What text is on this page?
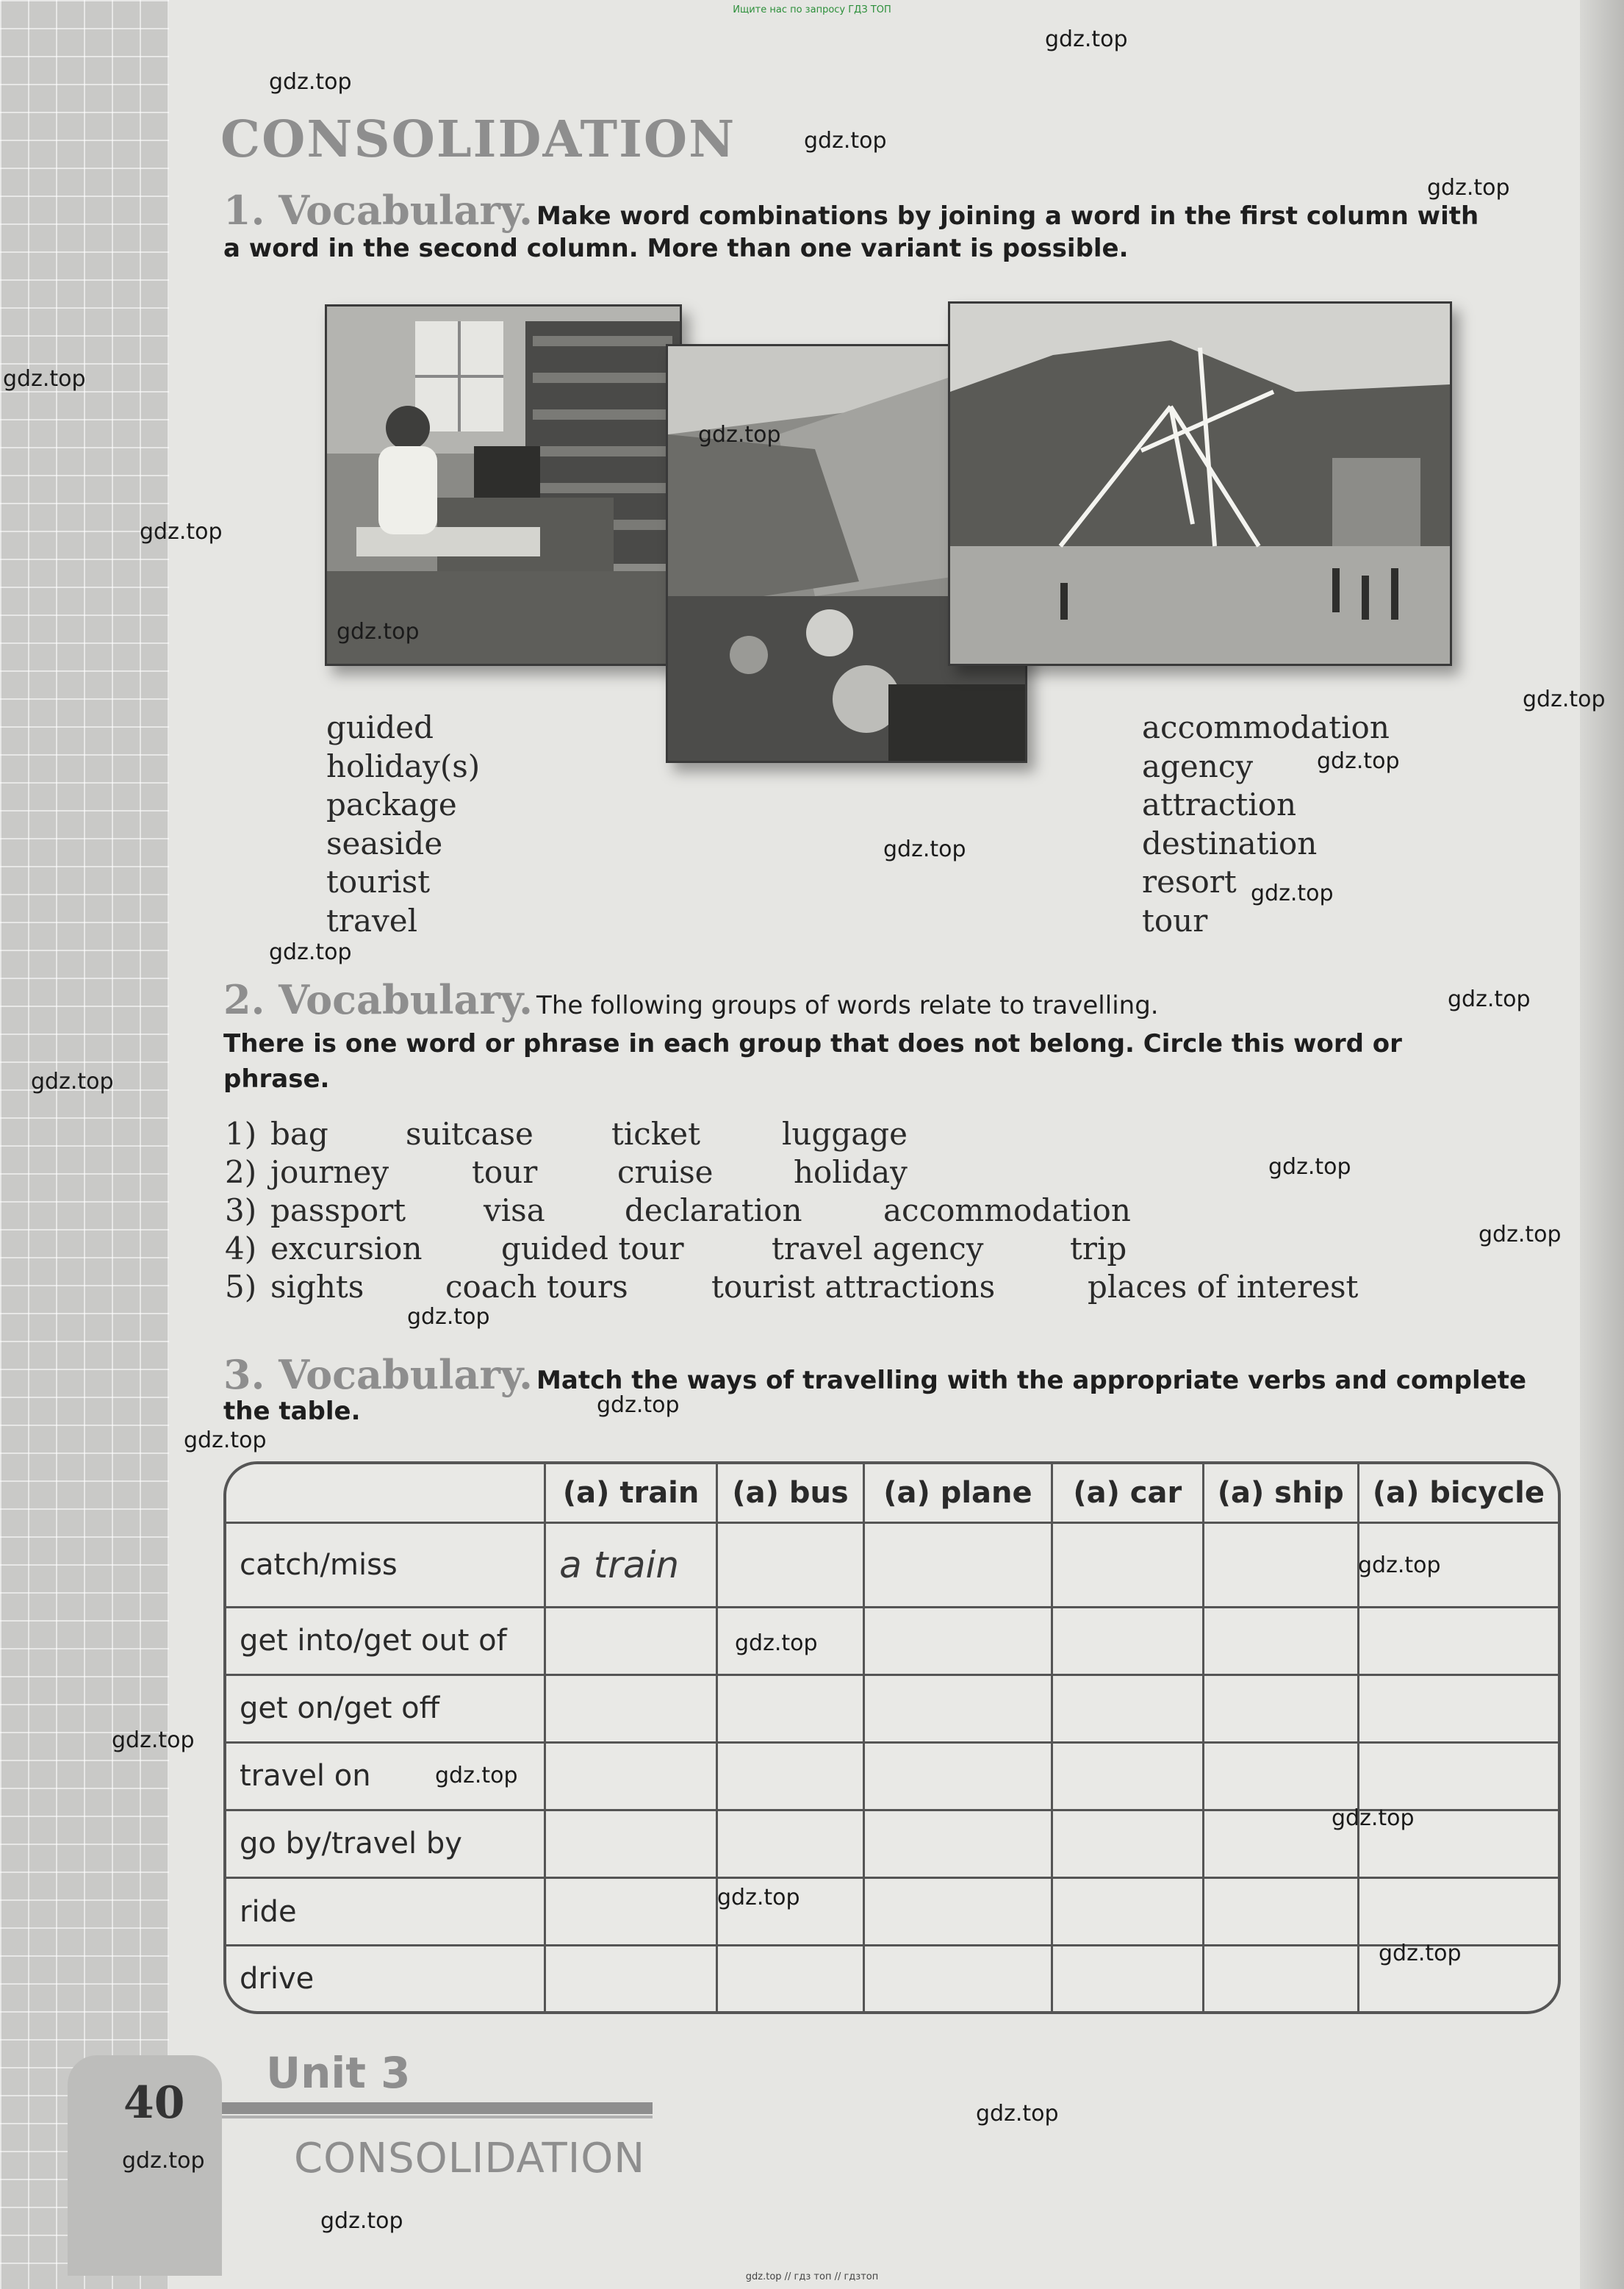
Ищите нас по запросу ГДЗ ТОП
CONSOLIDATION
1. Vocabulary. Make word combinations by joining a word in the first column with
a word in the second column. More than one variant is possible.
guided
holiday(s)
package
seaside
tourist
travel
accommodation
agency
attraction
destination
resort
tour
2. Vocabulary. The following groups of words relate to travelling.
There is one word or phrase in each group that does not belong. Circle this word or
phrase.
1) bag	suitcase	ticket	luggage
2) journey	tour	cruise	holiday
3) passport	visa	declaration	accommodation
4) excursion	guided tour	travel agency	trip
5) sights	coach tours	tourist attractions	places of interest
3. Vocabulary. Match the ways of travelling with the appropriate verbs and complete
the table.
	(a) train	(a) bus	(a) plane	(a) car	(a) ship	(a) bicycle
catch/miss	a train					
get into/get out of						
get on/get off						
travel on						
go by/travel by						
ride						
drive						
40
Unit 3
CONSOLIDATION
gdz.top // гдз топ // гдзтоп
gdz.top
gdz.top
gdz.top
gdz.top
gdz.top
gdz.top
gdz.top
gdz.top
gdz.top
gdz.top
gdz.top
gdz.top
gdz.top
gdz.top
gdz.top
gdz.top
gdz.top
gdz.top
gdz.top
gdz.top
gdz.top
gdz.top
gdz.top
gdz.top
gdz.top
gdz.top
gdz.top
gdz.top
gdz.top
gdz.top
